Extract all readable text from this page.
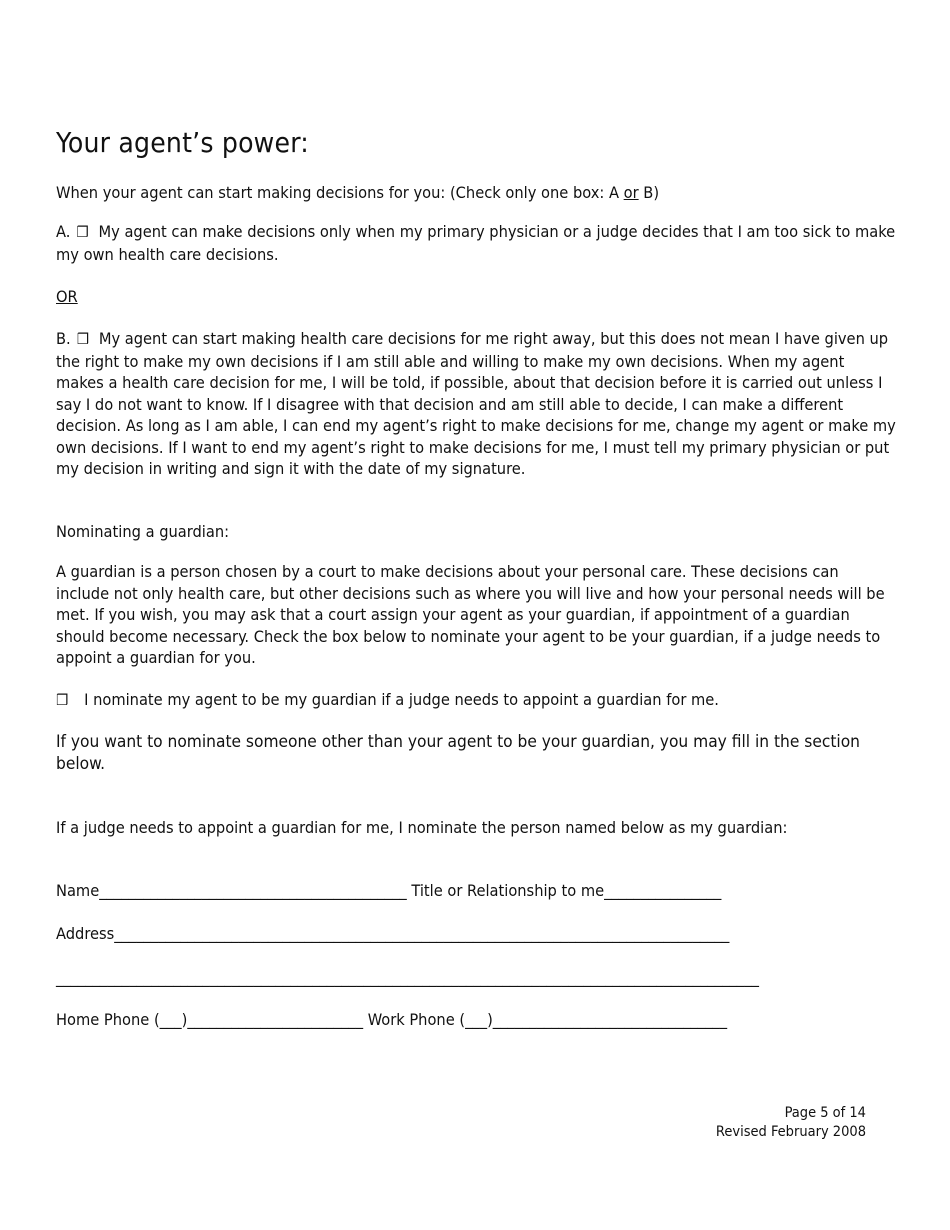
Your agent’s power:
When your agent can start making decisions for you: (Check only one box: A or B)
A. ❒ My agent can make decisions only when my primary physician or a judge decides that I am too sick to make my own health care decisions.
OR
B. ❒ My agent can start making health care decisions for me right away, but this does not mean I have given up the right to make my own decisions if I am still able and willing to make my own decisions. When my agent makes a health care decision for me, I will be told, if possible, about that decision before it is carried out unless I say I do not want to know. If I disagree with that decision and am still able to decide, I can make a different decision. As long as I am able, I can end my agent’s right to make decisions for me, change my agent or make my own decisions. If I want to end my agent’s right to make decisions for me, I must tell my primary physician or put my decision in writing and sign it with the date of my signature.
Nominating a guardian:
A guardian is a person chosen by a court to make decisions about your personal care. These decisions can include not only health care, but other decisions such as where you will live and how your personal needs will be met. If you wish, you may ask that a court assign your agent as your guardian, if appointment of a guardian should become necessary. Check the box below to nominate your agent to be your guardian, if a judge needs to appoint a guardian for you.
❒ I nominate my agent to be my guardian if a judge needs to appoint a guardian for me.
If you want to nominate someone other than your agent to be your guardian, you may fill in the section below.
If a judge needs to appoint a guardian for me, I nominate the person named below as my guardian:
Name__________________________________________ Title or Relationship to me________________
Address____________________________________________________________________________________
________________________________________________________________________________________________
Home Phone (___)________________________ Work Phone (___)________________________________
Page 5 of 14
Revised February 2008
